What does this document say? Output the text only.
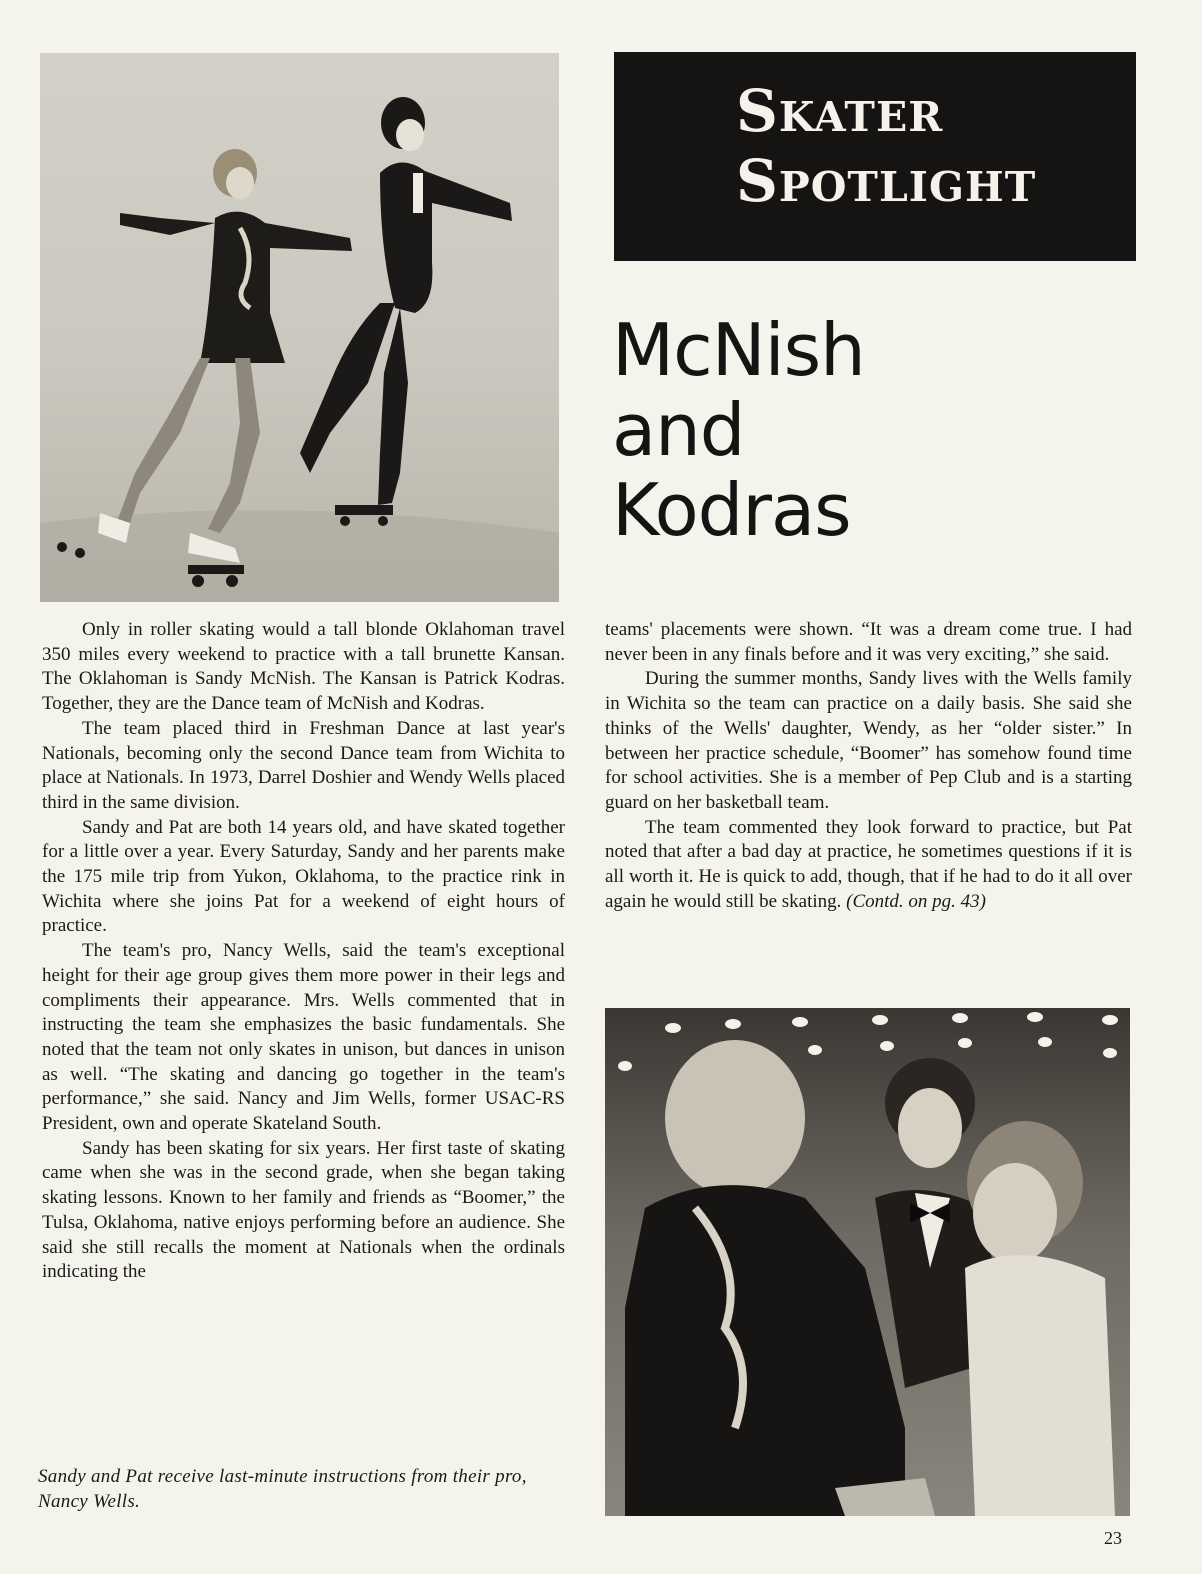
Skater
Spotlight
McNish
and
Kodras

Only in roller skating would a tall blonde Oklahoman travel 350 miles every weekend to practice with a tall brunette Kansan. The Oklahoman is Sandy McNish. The Kansan is Patrick Kodras. Together, they are the Dance team of McNish and Kodras.

The team placed third in Freshman Dance at last year's Nationals, becoming only the second Dance team from Wichita to place at Nationals. In 1973, Darrel Doshier and Wendy Wells placed third in the same division.

Sandy and Pat are both 14 years old, and have skated together for a little over a year. Every Saturday, Sandy and her parents make the 175 mile trip from Yukon, Oklahoma, to the practice rink in Wichita where she joins Pat for a weekend of eight hours of practice.

The team's pro, Nancy Wells, said the team's exceptional height for their age group gives them more power in their legs and compliments their appearance. Mrs. Wells commented that in instructing the team she emphasizes the basic fundamentals. She noted that the team not only skates in unison, but dances in unison as well. “The skating and dancing go together in the team's performance,” she said. Nancy and Jim Wells, former USAC-RS President, own and operate Skateland South.

Sandy has been skating for six years. Her first taste of skating came when she was in the second grade, when she began taking skating lessons. Known to her family and friends as “Boomer,” the Tulsa, Oklahoma, native enjoys performing before an audience. She said she still recalls the moment at Nationals when the ordinals indicating the

teams' placements were shown. “It was a dream come true. I had never been in any finals before and it was very exciting,” she said.

During the summer months, Sandy lives with the Wells family in Wichita so the team can practice on a daily basis. She said she thinks of the Wells' daughter, Wendy, as her “older sister.” In between her practice schedule, “Boomer” has somehow found time for school activities. She is a member of Pep Club and is a starting guard on her basketball team.

The team commented they look forward to practice, but Pat noted that after a bad day at practice, he sometimes questions if it is all worth it. He is quick to add, though, that if he had to do it all over again he would still be skating. (Contd. on pg. 43)

Sandy and Pat receive last-minute instructions from their pro, Nancy Wells.
23
